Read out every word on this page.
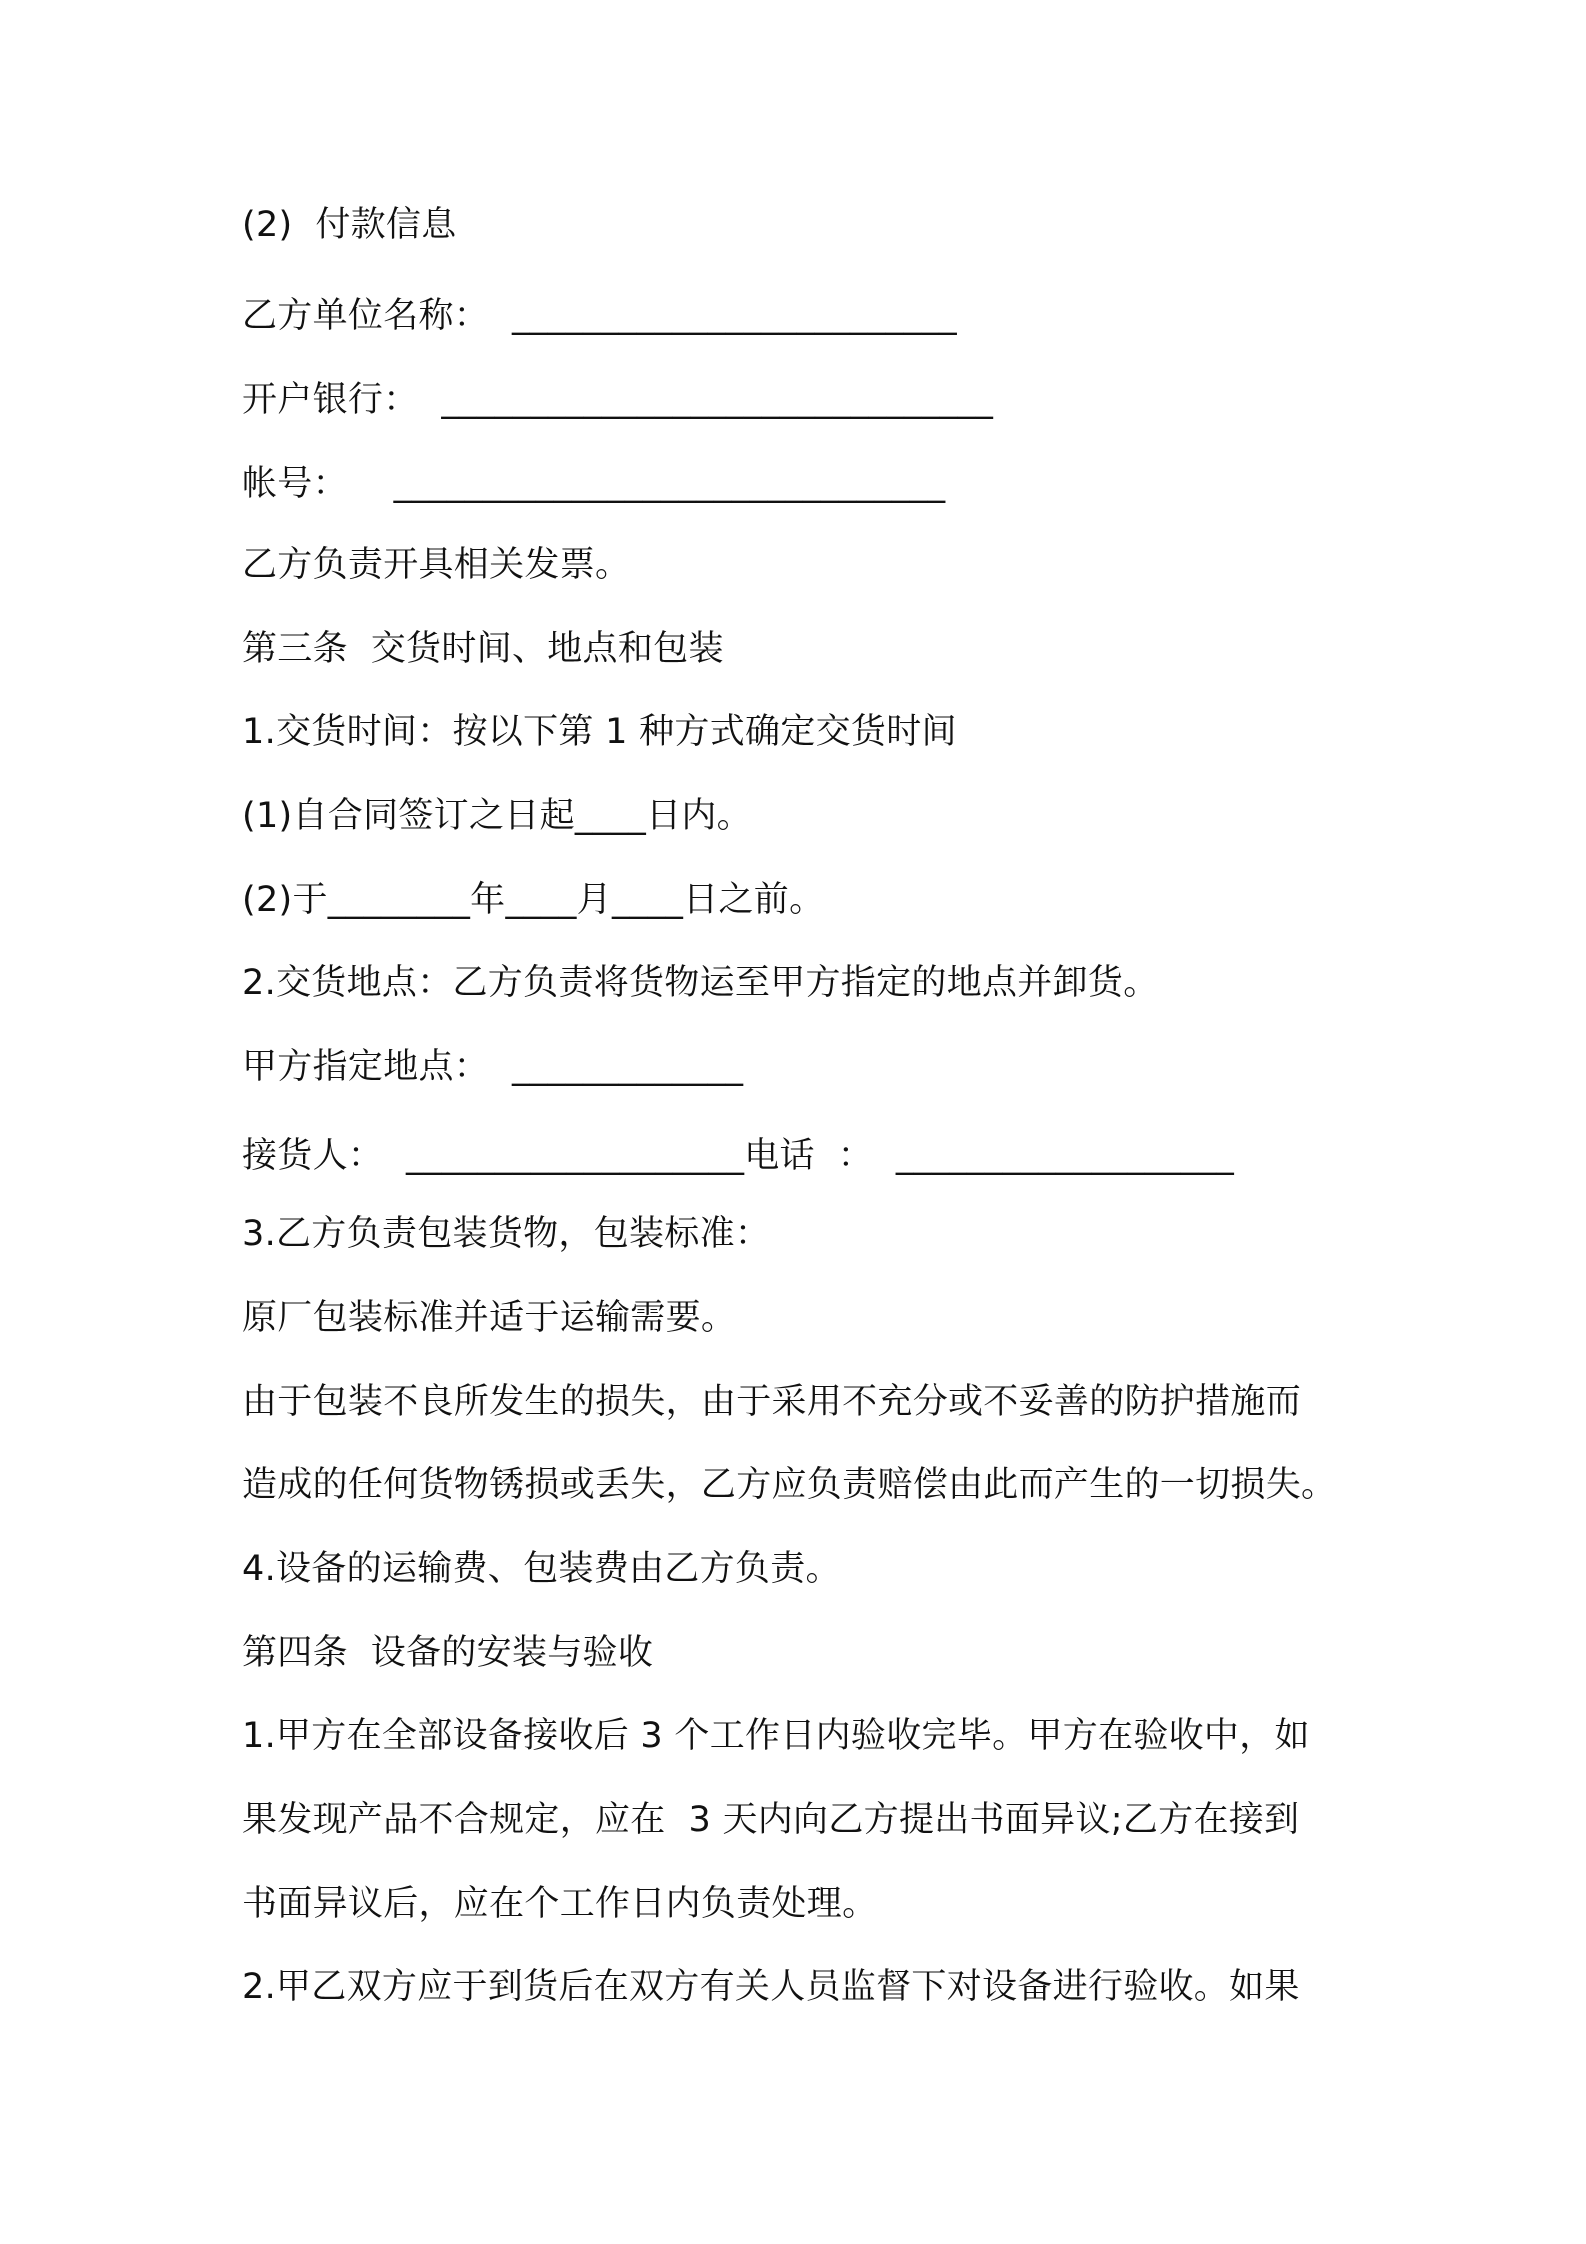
(2)  付款信息
乙方单位名称：  _________________________
开户银行：  _______________________________
帐号：    _______________________________
乙方负责开具相关发票。
第三条  交货时间、地点和包装
1.交货时间：按以下第 1 种方式确定交货时间
(1)自合同签订之日起____日内。
(2)于________年____月____日之前。
2.交货地点：乙方负责将货物运至甲方指定的地点并卸货。
甲方指定地点：  _____________
接货人：  ___________________电话  ：  ___________________
3.乙方负责包装货物，包装标准：
原厂包装标准并适于运输需要。
由于包装不良所发生的损失，由于采用不充分或不妥善的防护措施而
造成的任何货物锈损或丢失，乙方应负责赔偿由此而产生的一切损失。
4.设备的运输费、包装费由乙方负责。
第四条  设备的安装与验收
1.甲方在全部设备接收后 3 个工作日内验收完毕。甲方在验收中，如
果发现产品不合规定，应在  3 天内向乙方提出书面异议;乙方在接到
书面异议后，应在个工作日内负责处理。
2.甲乙双方应于到货后在双方有关人员监督下对设备进行验收。如果
